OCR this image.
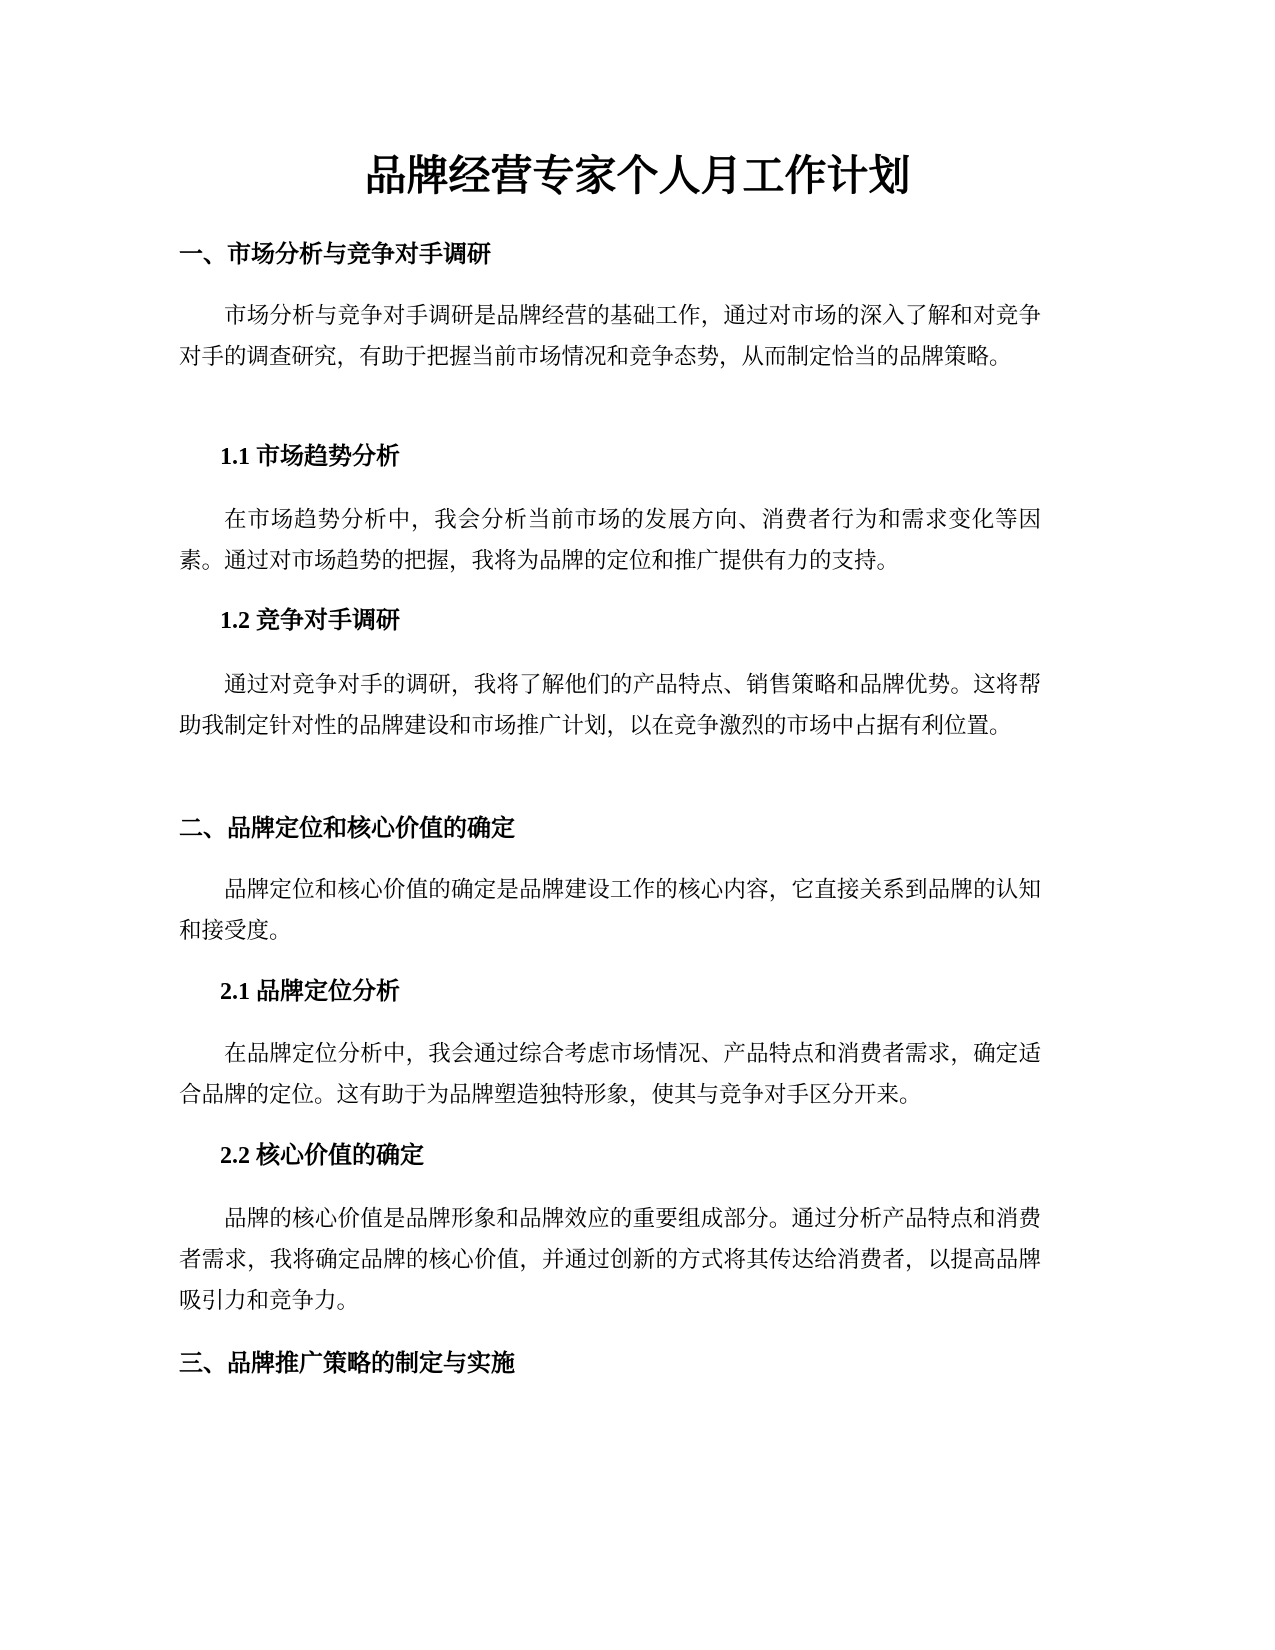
品牌经营专家个人月工作计划
一、市场分析与竞争对手调研

市场分析与竞争对手调研是品牌经营的基础工作，通过对市场的深入了解和对竞争对手的调查研究，有助于把握当前市场情况和竞争态势，从而制定恰当的品牌策略。

1.1 市场趋势分析

在市场趋势分析中，我会分析当前市场的发展方向、消费者行为和需求变化等因素。通过对市场趋势的把握，我将为品牌的定位和推广提供有力的支持。

1.2 竞争对手调研

通过对竞争对手的调研，我将了解他们的产品特点、销售策略和品牌优势。这将帮助我制定针对性的品牌建设和市场推广计划，以在竞争激烈的市场中占据有利位置。

二、品牌定位和核心价值的确定

品牌定位和核心价值的确定是品牌建设工作的核心内容，它直接关系到品牌的认知和接受度。

2.1 品牌定位分析

在品牌定位分析中，我会通过综合考虑市场情况、产品特点和消费者需求，确定适合品牌的定位。这有助于为品牌塑造独特形象，使其与竞争对手区分开来。

2.2 核心价值的确定

品牌的核心价值是品牌形象和品牌效应的重要组成部分。通过分析产品特点和消费者需求，我将确定品牌的核心价值，并通过创新的方式将其传达给消费者，以提高品牌吸引力和竞争力。

三、品牌推广策略的制定与实施
